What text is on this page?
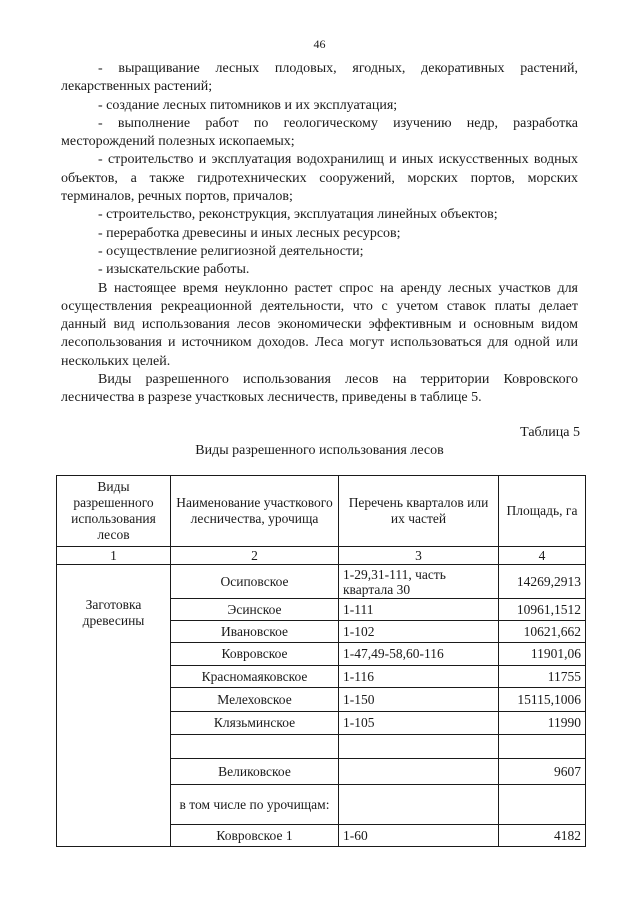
46

- выращивание лесных плодовых, ягодных, декоративных растений, лекарственных растений;

- создание лесных питомников и их эксплуатация;

- выполнение работ по геологическому изучению недр, разработка месторождений полезных ископаемых;

- строительство и эксплуатация водохранилищ и иных искусственных водных объектов, а также гидротехнических сооружений, морских портов, морских терминалов, речных портов, причалов;

- строительство, реконструкция, эксплуатация линейных объектов;

- переработка древесины и иных лесных ресурсов;

- осуществление религиозной деятельности;

- изыскательские работы.

В настоящее время неуклонно растет спрос на аренду лесных участков для осуществления рекреационной деятельности, что с учетом ставок платы делает данный вид использования лесов экономически эффективным и основным видом лесопользования и источником доходов. Леса могут использоваться для одной или нескольких целей.

Виды разрешенного использования лесов на территории Ковровского лесничества в разрезе участковых лесничеств, приведены в таблице 5.

Таблица 5
Виды разрешенного использования лесов
Виды разрешенного использования лесов	Наименование участкового лесничества, урочища	Перечень кварталов или их частей	Площадь, га
1	2	3	4
Заготовка древесины	Осиповское	1-29,31-111, часть квартала 30	14269,2913
	Эсинское	1-111	10961,1512
	Ивановское	1-102	10621,662
	Ковровское	1-47,49-58,60-116	11901,06
	Красномаяковское	1-116	11755
	Мелеховское	1-150	15115,1006
	Клязьминское	1-105	11990

	Великовское		9607
	в том числе по урочищам:		
	Ковровское 1	1-60	4182
